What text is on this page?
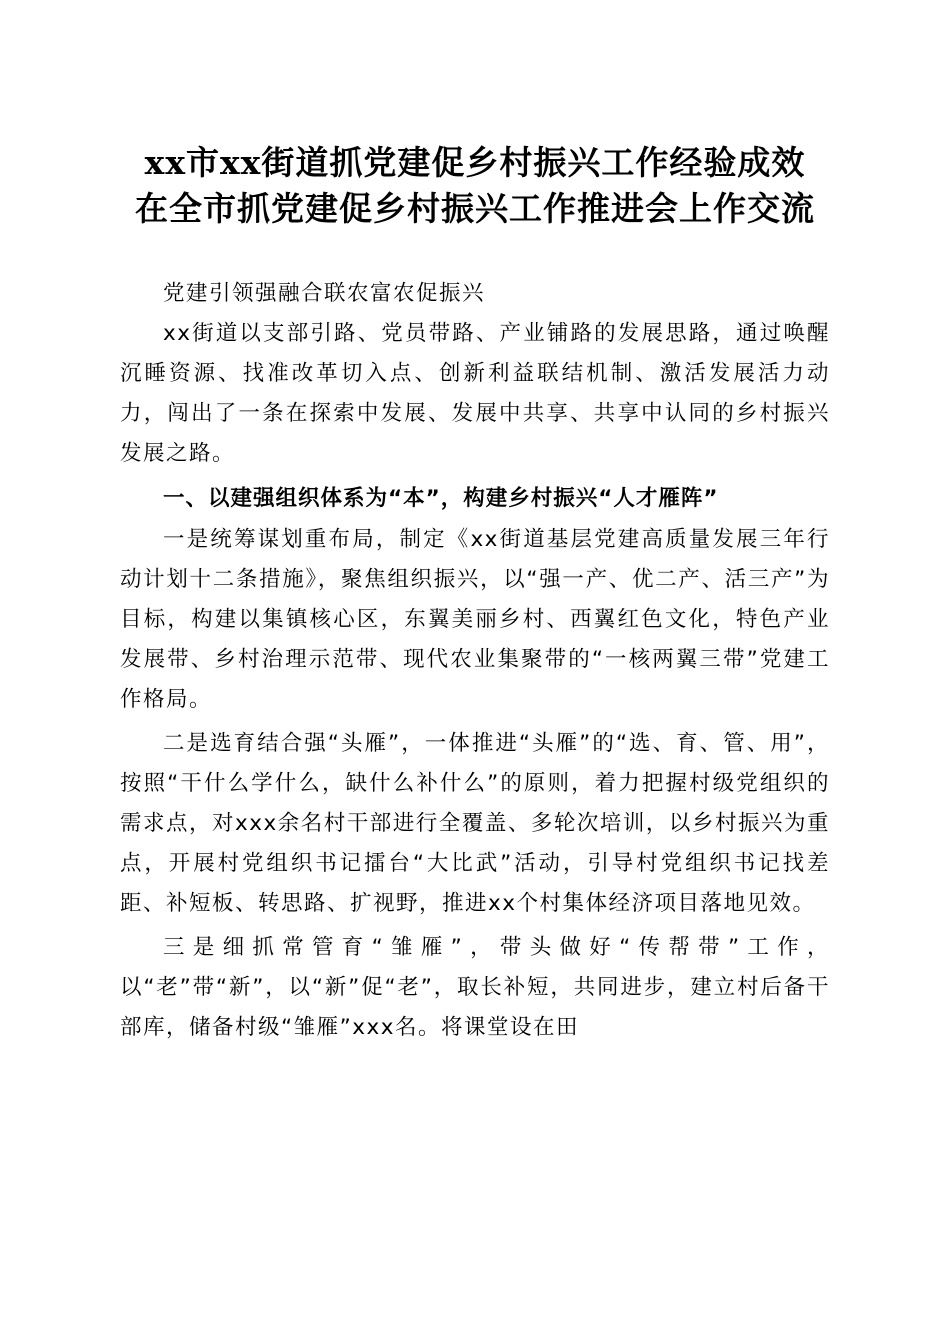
xx市xx街道抓党建促乡村振兴工作经验成效
在全市抓党建促乡村振兴工作推进会上作交流

党建引领强融合联农富农促振兴

xx街道以支部引路、党员带路、产业铺路的发展思路，通过唤醒沉睡资源、找准改革切入点、创新利益联结机制、激活发展活力动力，闯出了一条在探索中发展、发展中共享、共享中认同的乡村振兴发展之路。

一、以建强组织体系为“本”，构建乡村振兴“人才雁阵”

一是统筹谋划重布局，制定《xx街道基层党建高质量发展三年行动计划十二条措施》，聚焦组织振兴，以“强一产、优二产、活三产”为目标，构建以集镇核心区，东翼美丽乡村、西翼红色文化，特色产业发展带、乡村治理示范带、现代农业集聚带的“一核两翼三带”党建工作格局。

二是选育结合强“头雁”，一体推进“头雁”的“选、育、管、用”，按照“干什么学什么，缺什么补什么”的原则，着力把握村级党组织的需求点，对xxx余名村干部进行全覆盖、多轮次培训，以乡村振兴为重点，开展村党组织书记擂台“大比武”活动，引导村党组织书记找差距、补短板、转思路、扩视野，推进xx个村集体经济项目落地见效。

三是细抓常管育“雏雁”，带头做好“传帮带”工作，以“老”带“新”，以“新”促“老”，取长补短，共同进步，建立村后备干部库，储备村级“雏雁”xxx名。将课堂设在田
